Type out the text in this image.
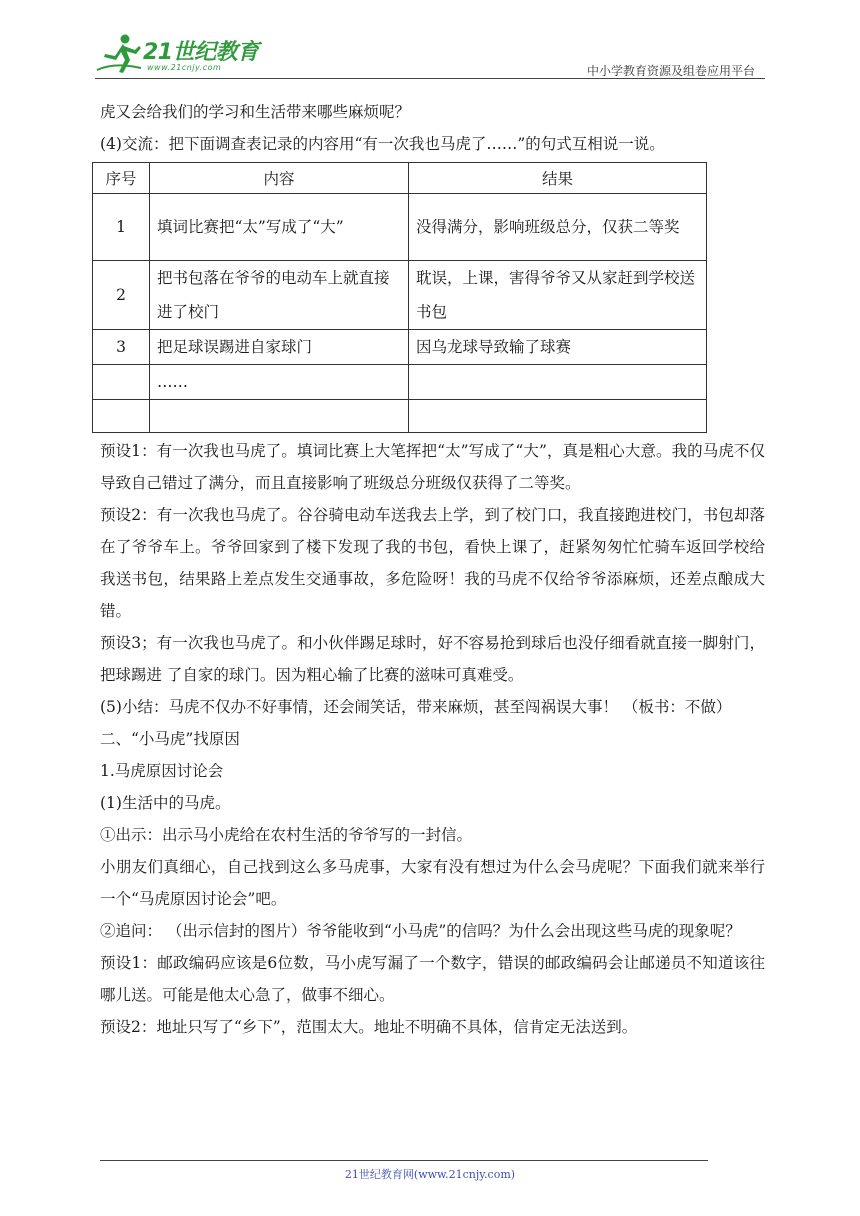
21世纪教育
www.21cnjy.com	中小学教育资源及组卷应用平台

虎又会给我们的学习和生活带来哪些麻烦呢？

(4)交流：把下面调查表记录的内容用“有一次我也马虎了……”的句式互相说一说。

序号	内容	结果
1	填词比赛把“太”写成了“大”	没得满分，影响班级总分，仅获二等奖
2	把书包落在爷爷的电动车上就直接进了校门	耽误，上课，害得爷爷又从家赶到学校送书包
3	把足球误踢进自家球门	因乌龙球导致输了球赛
	……	

预设1：有一次我也马虎了。填词比赛上大笔挥把“太”写成了“大”，真是粗心大意。我的马虎不仅导致自己错过了满分，而且直接影响了班级总分班级仅获得了二等奖。

预设2：有一次我也马虎了。谷谷骑电动车送我去上学，到了校门口，我直接跑进校门，书包却落在了爷爷车上。爷爷回家到了楼下发现了我的书包，看快上课了，赶紧匆匆忙忙骑车返回学校给我送书包，结果路上差点发生交通事故，多危险呀！我的马虎不仅给爷爷添麻烦，还差点酿成大错。

预设3；有一次我也马虎了。和小伙伴踢足球时，好不容易抢到球后也没仔细看就直接一脚射门，把球踢进 了自家的球门。因为粗心输了比赛的滋味可真难受。

(5)小结：马虎不仅办不好事情，还会闹笑话，带来麻烦，甚至闯祸误大事！ （板书：不做）

二、“小马虎”找原因

1.马虎原因讨论会

(1)生活中的马虎。

①出示：出示马小虎给在农村生活的爷爷写的一封信。

小朋友们真细心，自己找到这么多马虎事，大家有没有想过为什么会马虎呢？下面我们就来举行一个“马虎原因讨论会”吧。

②追问： （出示信封的图片）爷爷能收到“小马虎”的信吗？为什么会出现这些马虎的现象呢？

预设1：邮政编码应该是6位数，马小虎写漏了一个数字，错误的邮政编码会让邮递员不知道该往哪儿送。可能是他太心急了，做事不细心。

预设2：地址只写了“乡下”，范围太大。地址不明确不具体，信肯定无法送到。

21世纪教育网(www.21cnjy.com)
